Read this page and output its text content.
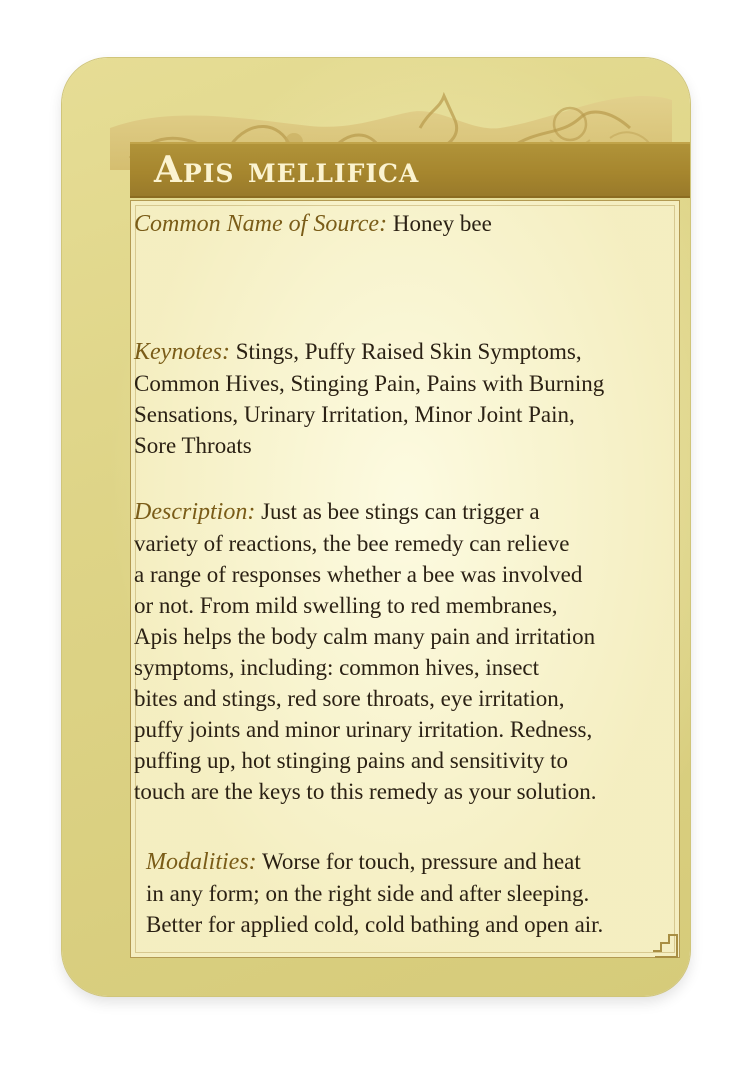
Apis mellifica

Common Name of Source: Honey bee

Keynotes: Stings, Puffy Raised Skin Symptoms,
Common Hives, Stinging Pain, Pains with Burning
Sensations, Urinary Irritation, Minor Joint Pain,
Sore Throats

Description: Just as bee stings can trigger a
variety of reactions, the bee remedy can relieve
a range of responses whether a bee was involved
or not. From mild swelling to red membranes,
Apis helps the body calm many pain and irritation
symptoms, including: common hives, insect
bites and stings, red sore throats, eye irritation,
puffy joints and minor urinary irritation. Redness,
puffing up, hot stinging pains and sensitivity to
touch are the keys to this remedy as your solution.

Modalities: Worse for touch, pressure and heat
in any form; on the right side and after sleeping.
Better for applied cold, cold bathing and open air.
